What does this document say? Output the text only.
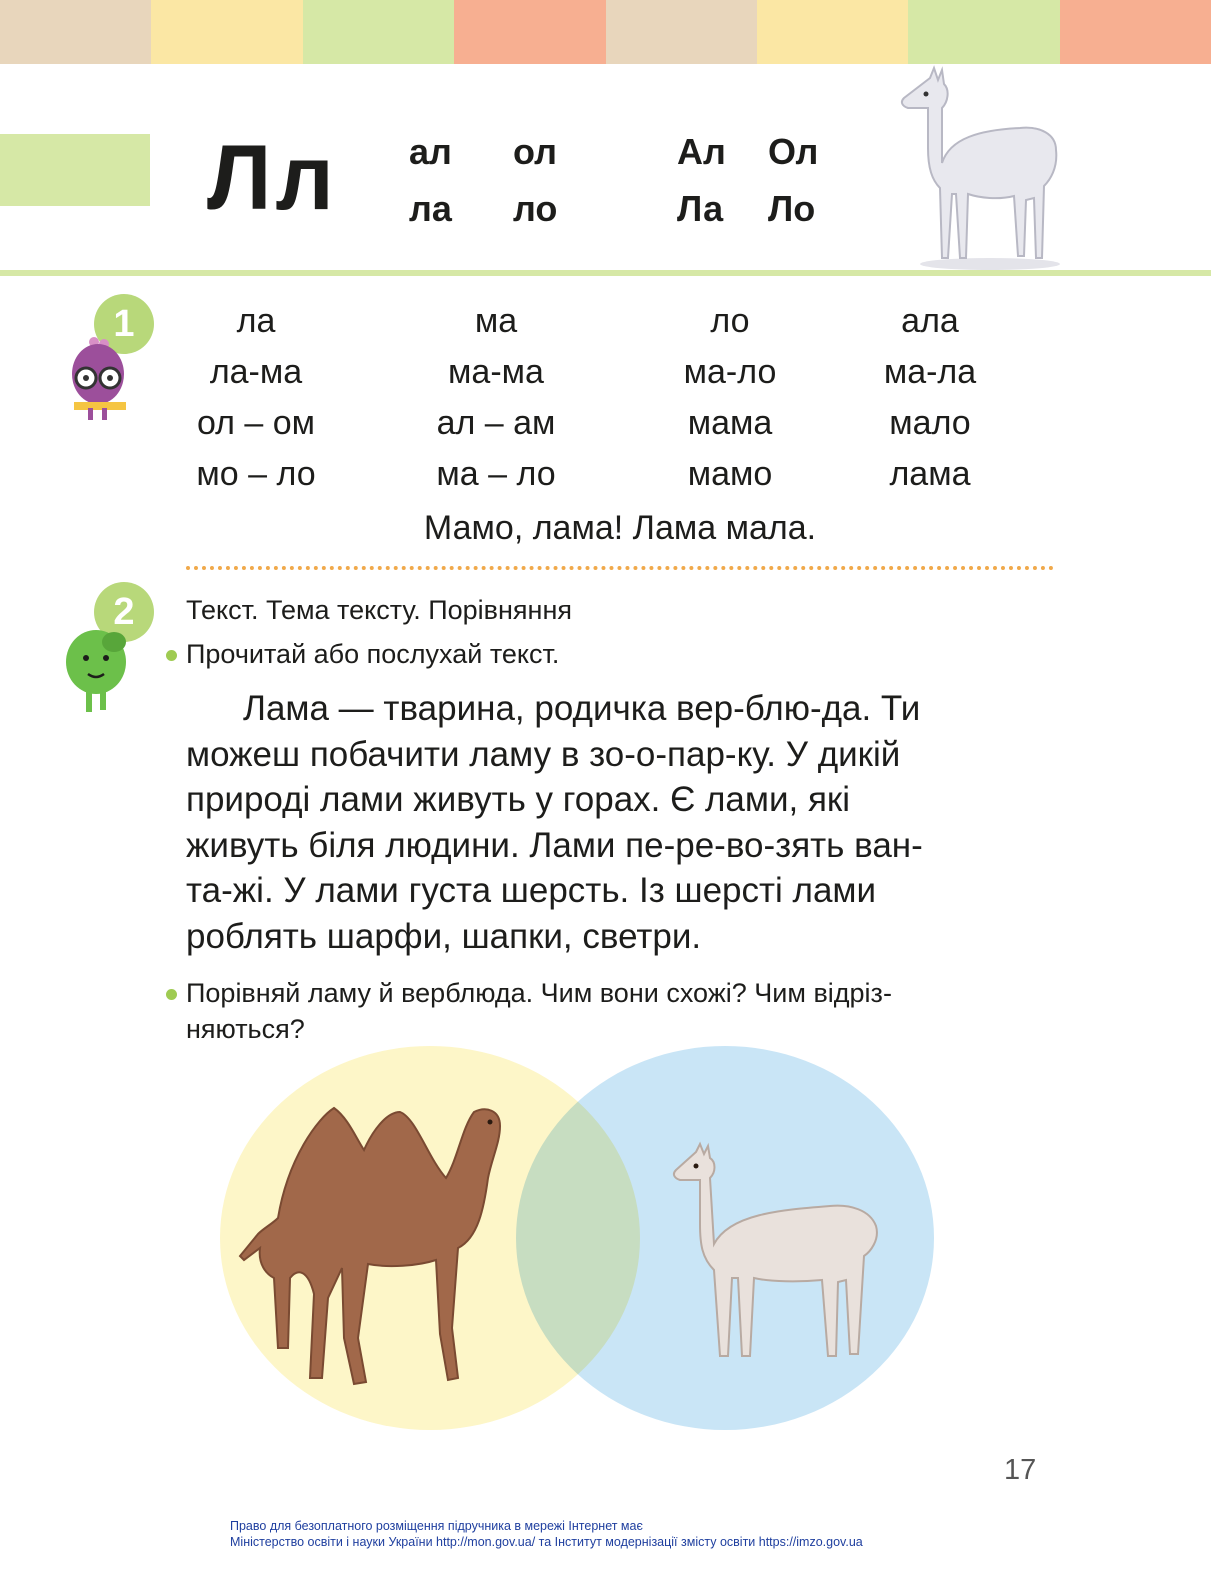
Лл ал ол
ла ло
Ал Ол
Ла Ло
1	ла	ма	ло	ала
ла-ма	ма-ма	ма-ло	ма-ла
ол – ом	ал – ам	мама	мало
мо – ло	ма – ло	мамо	лама
Мамо, лама! Лама мала.
2	Текст. Тема тексту. Порівняння
Прочитай або послухай текст.
Лама — тварина, родичка вер-блю-да. Ти
можеш побачити ламу в зо-о-пар-ку. У дикій
природі лами живуть у горах. Є лами, які
живуть біля людини. Лами пе-ре-во-зять ван-
та-жі. У лами густа шерсть. Із шерсті лами
роблять шарфи, шапки, светри.
Порівняй ламу й верблюда. Чим вони схожі? Чим відріз-
няються?
17
Право для безоплатного розміщення підручника в мережі Інтернет має
Міністерство освіти і науки України http://mon.gov.ua/ та Інститут модернізації змісту освіти https://imzo.gov.ua
